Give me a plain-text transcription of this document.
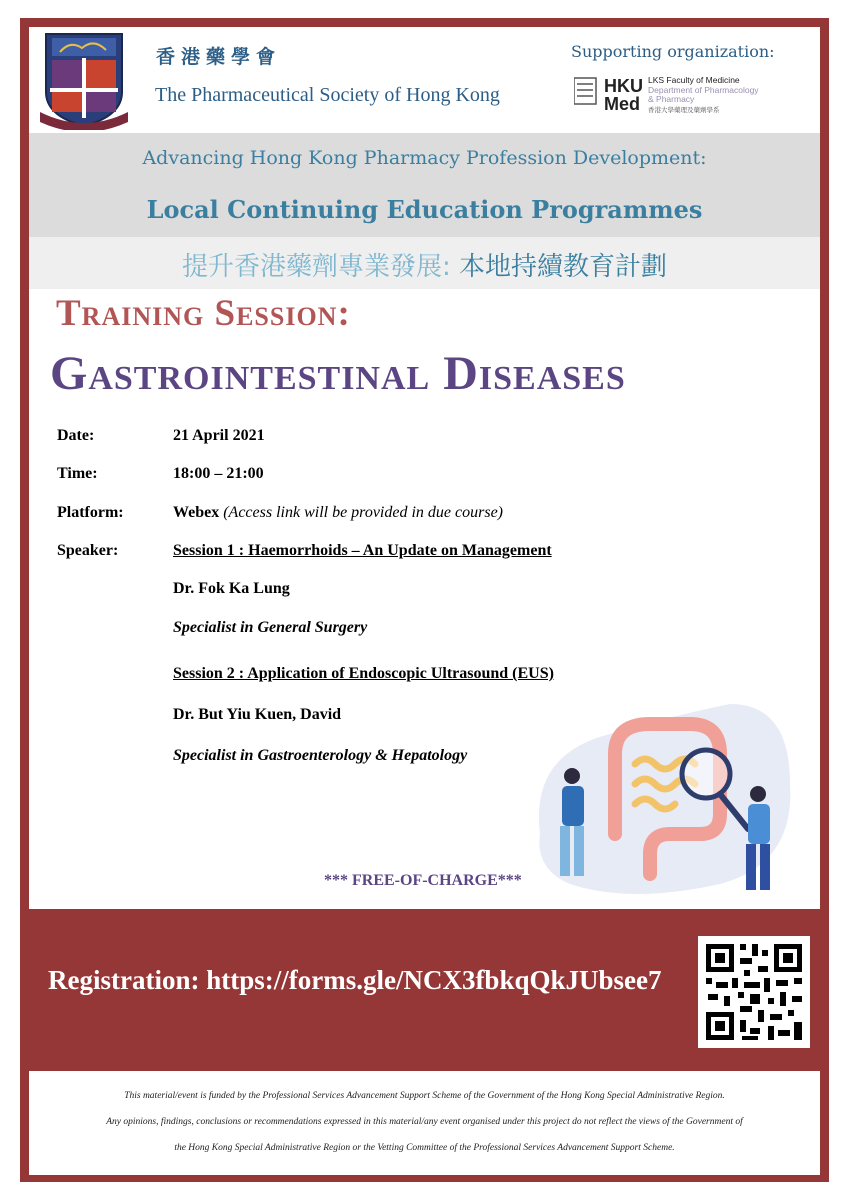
香港藥學會
The Pharmaceutical Society of Hong Kong
Supporting organization:
HKU
Med
LKS Faculty of Medicine
Department of Pharmacology
& Pharmacy
香港大學藥理及藥劑學系
Advancing Hong Kong Pharmacy Profession Development:
Local Continuing Education Programmes
提升香港藥劑專業發展: 本地持續教育計劃
Training Session:
Gastrointestinal Diseases
Date:	21 April 2021
Time:	18:00 – 21:00
Platform:	Webex (Access link will be provided in due course)
Speaker:	Session 1 : Haemorrhoids – An Update on Management
Dr. Fok Ka Lung
Specialist in General Surgery
Session 2 : Application of Endoscopic Ultrasound (EUS)
Dr. But Yiu Kuen, David
Specialist in Gastroenterology & Hepatology
*** FREE-OF-CHARGE***
Registration: https://forms.gle/NCX3fbkqQkJUbsee7
This material/event is funded by the Professional Services Advancement Support Scheme of the Government of the Hong Kong Special Administrative Region.
Any opinions, findings, conclusions or recommendations expressed in this material/any event organised under this project do not reflect the views of the Government of
the Hong Kong Special Administrative Region or the Vetting Committee of the Professional Services Advancement Support Scheme.
